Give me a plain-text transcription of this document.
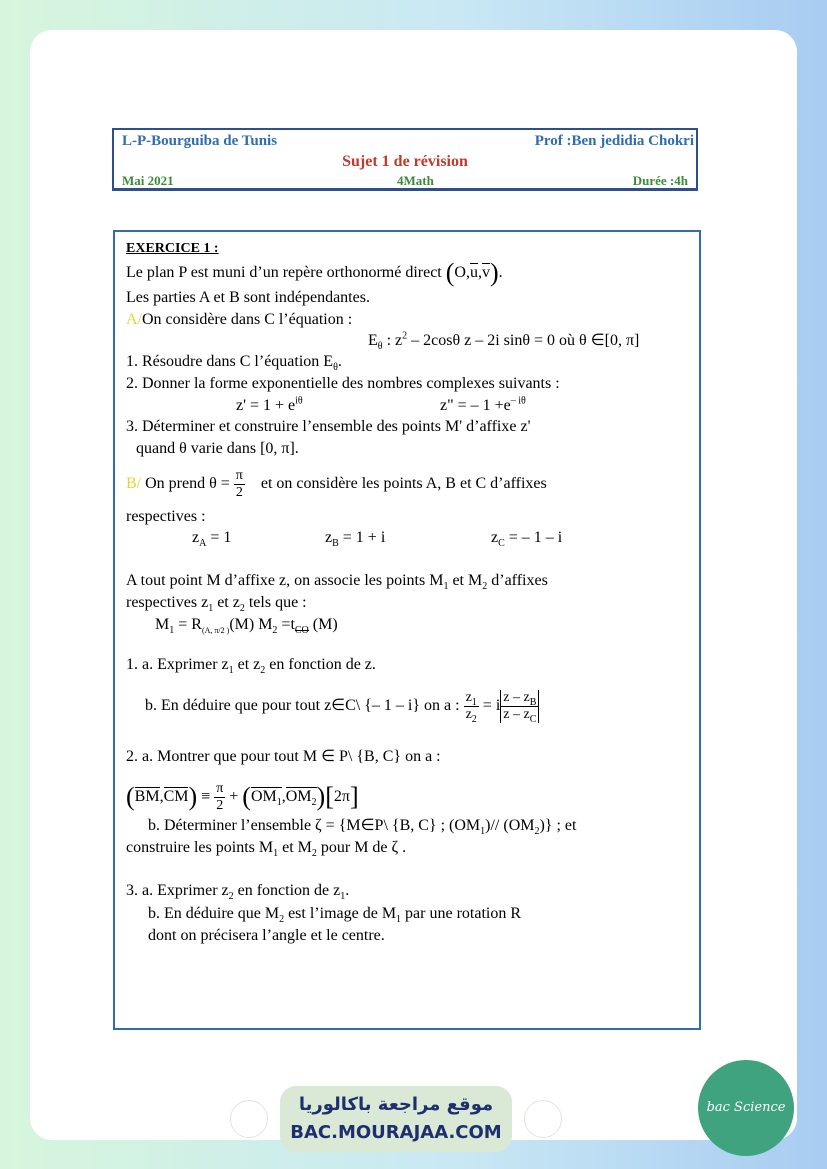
L-P-Bourguiba de Tunis	Prof :Ben jedidia Chokri
Sujet 1 de révision
Mai 2021	4Math	Durée :4h
EXERCICE 1 :
Le plan P est muni d’un repère orthonormé direct (O,u,v).
Les parties A et B sont indépendantes.
A/On considère dans C l’équation :
$E_\theta$ : $z^2 - 2\cos\theta$ z – 2i sinθ = 0 où θ ∈[0, π]
1. Résoudre dans C l’équation $E_\theta$.
2. Donner la forme exponentielle des nombres complexes suivants :
$z' = 1 + e^{i\theta}$	z" = – $1 +e^{- i\theta}$
3. Déterminer et construire l’ensemble des points M' d’affixe z'
quand θ varie dans [0, π].
B/ On prend $\theta = \frac{\pi}{2}$ et on considère les points A, B et C d’affixes
respectives :
$z_A = 1$	$z_B = 1 + i$	$z_C$ = – 1 – i
A tout point M d’affixe z, on associe les points $M_1$ et $M_2$ d’affixes
respectives $z_1$ et $z_2$ tels que :
$M_1 = R_{(A, \pi/2 )}(M)$ $M_2 =t_{CO}$ (M)
1. a. Exprimer $z_1$ et $z_2$ en fonction de z.
b. En déduire que pour tout z∈C\ {– 1 – i} on a : $\frac{z_1}{z_2} = i \frac{z - z_B}{z - z_C}$
2. a. Montrer que pour tout M ∈ P\ {B, C} on a :
$(BM,CM) \equiv \frac{\pi}{2} + (OM_1,OM_2)[2\pi]$
b. Déterminer l’ensemble ζ = {M∈P\ {B, C} ; $(OM_1)//$ $(OM_2)$} ; et
construire les points $M_1$ et $M_2$ pour M de ζ .
3. a. Exprimer $z_2$ en fonction de $z_1$.
b. En déduire que $M_2$ est l’image de $M_1$ par une rotation R
dont on précisera l’angle et le centre.
موقع مراجعة باكالوريا
BAC.MOURAJAA.COM
bac Science
